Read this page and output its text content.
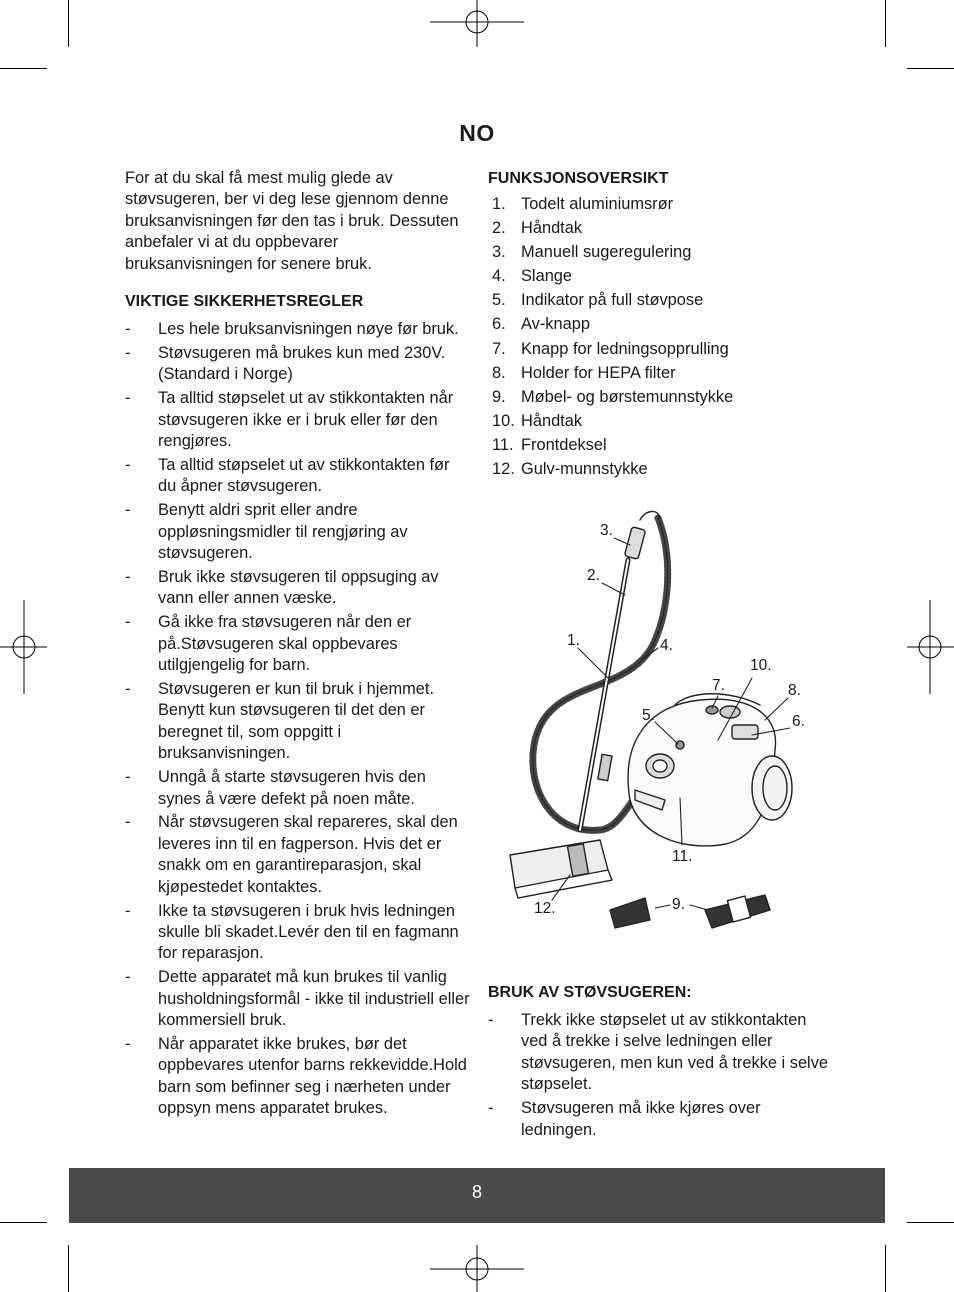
NO

For at du skal få mest mulig glede av støvsugeren, ber vi deg lese gjennom denne bruksanvisningen før den tas i bruk. Dessuten anbefaler vi at du oppbevarer bruksanvisningen for senere bruk.

VIKTIGE SIKKERHETSREGLER
- Les hele bruksanvisningen nøye før bruk.
- Støvsugeren må brukes kun med 230V. (Standard i Norge)
- Ta alltid støpselet ut av stikkontakten når støvsugeren ikke er i bruk eller før den rengjøres.
- Ta alltid støpselet ut av stikkontakten før du åpner støvsugeren.
- Benytt aldri sprit eller andre oppløsningsmidler til rengjøring av støvsugeren.
- Bruk ikke støvsugeren til oppsuging av vann eller annen væske.
- Gå ikke fra støvsugeren når den er på.Støvsugeren skal oppbevares utilgjengelig for barn.
- Støvsugeren er kun til bruk i hjemmet. Benytt kun støvsugeren til det den er beregnet til, som oppgitt i bruksanvisningen.
- Unngå å starte støvsugeren hvis den synes å være defekt på noen måte.
- Når støvsugeren skal repareres, skal den leveres inn til en fagperson. Hvis det er snakk om en garantireparasjon, skal kjøpestedet kontaktes.
- Ikke ta støvsugeren i bruk hvis ledningen skulle bli skadet.Levér den til en fagmann for reparasjon.
- Dette apparatet må kun brukes til vanlig husholdningsformål - ikke til industriell eller kommersiell bruk.
- Når apparatet ikke brukes, bør det oppbevares utenfor barns rekkevidde.Hold barn som befinner seg i nærheten under oppsyn mens apparatet brukes.
FUNKSJONSOVERSIKT
1. Todelt aluminiumsrør
2. Håndtak
3. Manuell sugeregulering
4. Slange
5. Indikator på full støvpose
6. Av-knapp
7. Knapp for ledningsopprulling
8. Holder for HEPA filter
9. Møbel- og børstemunnstykke
10. Håndtak
11. Frontdeksel
12. Gulv-munnstykke
3.
2.
1.	4.
5.
7.
10.
8.
6.
11.
12.	9.
BRUK AV STØVSUGEREN:
- Trekk ikke støpselet ut av stikkontakten ved å trekke i selve ledningen eller støvsugeren, men kun ved å trekke i selve støpselet.
- Støvsugeren må ikke kjøres over ledningen.
8
